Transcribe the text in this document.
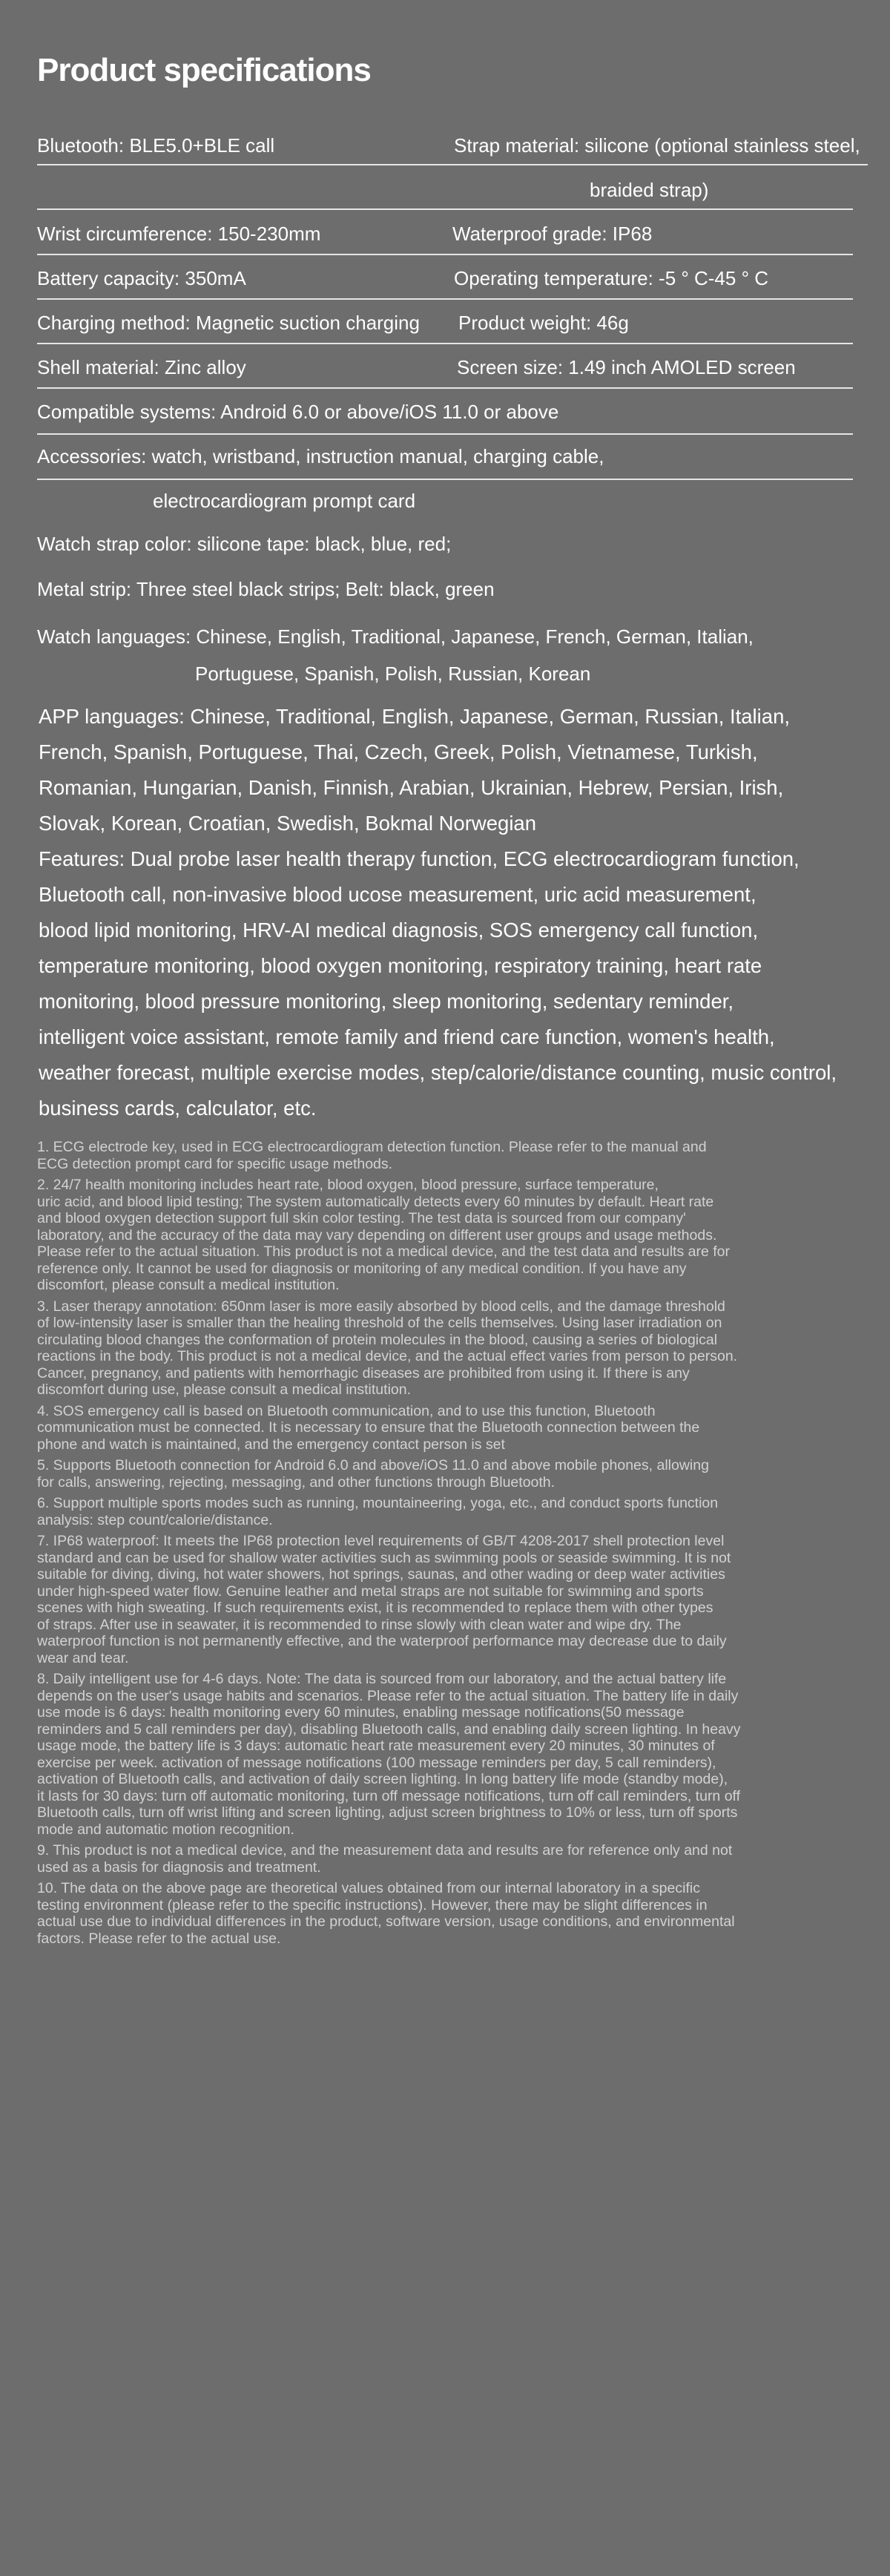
Product specifications
Bluetooth: BLE5.0+BLE call	Strap material: silicone (optional stainless steel,
braided strap)
Wrist circumference: 150-230mm	Waterproof grade: IP68
Battery capacity: 350mA	Operating temperature: -5 ° C-45 ° C
Charging method: Magnetic suction charging Product weight: 46g
Shell material: Zinc alloy	Screen size: 1.49 inch AMOLED screen
Compatible systems: Android 6.0 or above/iOS 11.0 or above
Accessories: watch, wristband, instruction manual, charging cable,
electrocardiogram prompt card
Watch strap color: silicone tape: black, blue, red;
Metal strip: Three steel black strips; Belt: black, green
Watch languages: Chinese, English, Traditional, Japanese, French, German, Italian,
Portuguese, Spanish, Polish, Russian, Korean
APP languages: Chinese, Traditional, English, Japanese, German, Russian, Italian,
French, Spanish, Portuguese, Thai, Czech, Greek, Polish, Vietnamese, Turkish,
Romanian, Hungarian, Danish, Finnish, Arabian, Ukrainian, Hebrew, Persian, Irish,
Slovak, Korean, Croatian, Swedish, Bokmal Norwegian
Features: Dual probe laser health therapy function, ECG electrocardiogram function,
Bluetooth call, non-invasive blood ucose measurement, uric acid measurement,
blood lipid monitoring, HRV-AI medical diagnosis, SOS emergency call function,
temperature monitoring, blood oxygen monitoring, respiratory training, heart rate
monitoring, blood pressure monitoring, sleep monitoring, sedentary reminder,
intelligent voice assistant, remote family and friend care function, women's health,
weather forecast, multiple exercise modes, step/calorie/distance counting, music control,
business cards, calculator, etc.
1. ECG electrode key, used in ECG electrocardiogram detection function. Please refer to the manual and
ECG detection prompt card for specific usage methods.
2. 24/7 health monitoring includes heart rate, blood oxygen, blood pressure, surface temperature,
uric acid, and blood lipid testing; The system automatically detects every 60 minutes by default. Heart rate
and blood oxygen detection support full skin color testing. The test data is sourced from our company'
laboratory, and the accuracy of the data may vary depending on different user groups and usage methods.
Please refer to the actual situation. This product is not a medical device, and the test data and results are for
reference only. It cannot be used for diagnosis or monitoring of any medical condition. If you have any
discomfort, please consult a medical institution.
3. Laser therapy annotation: 650nm laser is more easily absorbed by blood cells, and the damage threshold
of low-intensity laser is smaller than the healing threshold of the cells themselves. Using laser irradiation on
circulating blood changes the conformation of protein molecules in the blood, causing a series of biological
reactions in the body. This product is not a medical device, and the actual effect varies from person to person.
Cancer, pregnancy, and patients with hemorrhagic diseases are prohibited from using it. If there is any
discomfort during use, please consult a medical institution.
4. SOS emergency call is based on Bluetooth communication, and to use this function, Bluetooth
communication must be connected. It is necessary to ensure that the Bluetooth connection between the
phone and watch is maintained, and the emergency contact person is set
5. Supports Bluetooth connection for Android 6.0 and above/iOS 11.0 and above mobile phones, allowing
for calls, answering, rejecting, messaging, and other functions through Bluetooth.
6. Support multiple sports modes such as running, mountaineering, yoga, etc., and conduct sports function
analysis: step count/calorie/distance.
7. IP68 waterproof: It meets the IP68 protection level requirements of GB/T 4208-2017 shell protection level
standard and can be used for shallow water activities such as swimming pools or seaside swimming. It is not
suitable for diving, diving, hot water showers, hot springs, saunas, and other wading or deep water activities
under high-speed water flow. Genuine leather and metal straps are not suitable for swimming and sports
scenes with high sweating. If such requirements exist, it is recommended to replace them with other types
of straps. After use in seawater, it is recommended to rinse slowly with clean water and wipe dry. The
waterproof function is not permanently effective, and the waterproof performance may decrease due to daily
wear and tear.
8. Daily intelligent use for 4-6 days. Note: The data is sourced from our laboratory, and the actual battery life
depends on the user's usage habits and scenarios. Please refer to the actual situation. The battery life in daily
use mode is 6 days: health monitoring every 60 minutes, enabling message notifications(50 message
reminders and 5 call reminders per day), disabling Bluetooth calls, and enabling daily screen lighting. In heavy
usage mode, the battery life is 3 days: automatic heart rate measurement every 20 minutes, 30 minutes of
exercise per week. activation of message notifications (100 message reminders per day, 5 call reminders),
activation of Bluetooth calls, and activation of daily screen lighting. In long battery life mode (standby mode),
it lasts for 30 days: turn off automatic monitoring, turn off message notifications, turn off call reminders, turn off
Bluetooth calls, turn off wrist lifting and screen lighting, adjust screen brightness to 10% or less, turn off sports
mode and automatic motion recognition.
9. This product is not a medical device, and the measurement data and results are for reference only and not
used as a basis for diagnosis and treatment.
10. The data on the above page are theoretical values obtained from our internal laboratory in a specific
testing environment (please refer to the specific instructions). However, there may be slight differences in
actual use due to individual differences in the product, software version, usage conditions, and environmental
factors. Please refer to the actual use.
